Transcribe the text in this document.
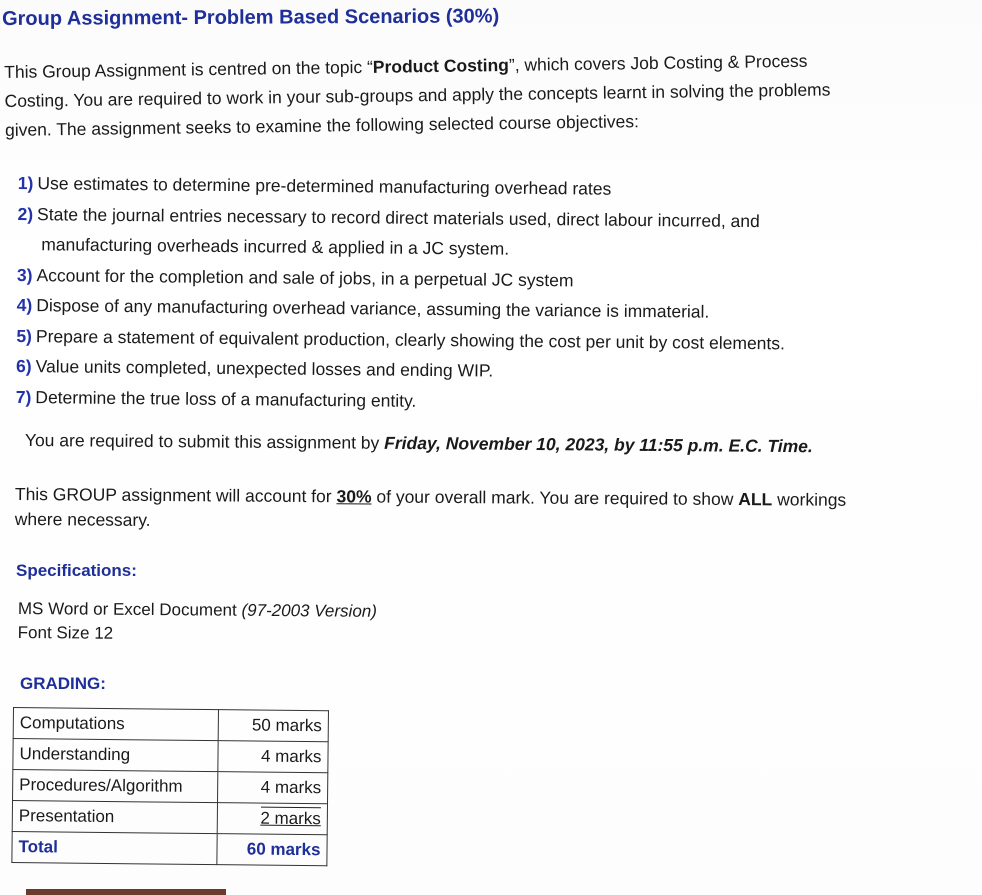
Group Assignment- Problem Based Scenarios (30%)
This Group Assignment is centred on the topic “Product Costing”, which covers Job Costing & Process
Costing. You are required to work in your sub-groups and apply the concepts learnt in solving the problems
given. The assignment seeks to examine the following selected course objectives:
1) Use estimates to determine pre-determined manufacturing overhead rates
2) State the journal entries necessary to record direct materials used, direct labour incurred, and
manufacturing overheads incurred & applied in a JC system.
3) Account for the completion and sale of jobs, in a perpetual JC system
4) Dispose of any manufacturing overhead variance, assuming the variance is immaterial.
5) Prepare a statement of equivalent production, clearly showing the cost per unit by cost elements.
6) Value units completed, unexpected losses and ending WIP.
7) Determine the true loss of a manufacturing entity.
You are required to submit this assignment by Friday, November 10, 2023, by 11:55 p.m. E.C. Time.
This GROUP assignment will account for 30% of your overall mark. You are required to show ALL workings
where necessary.
Specifications:
MS Word or Excel Document (97-2003 Version)
Font Size 12
GRADING:
Computations	50 marks
Understanding	4 marks
Procedures/Algorithm	4 marks
Presentation	2 marks
Total	60 marks
